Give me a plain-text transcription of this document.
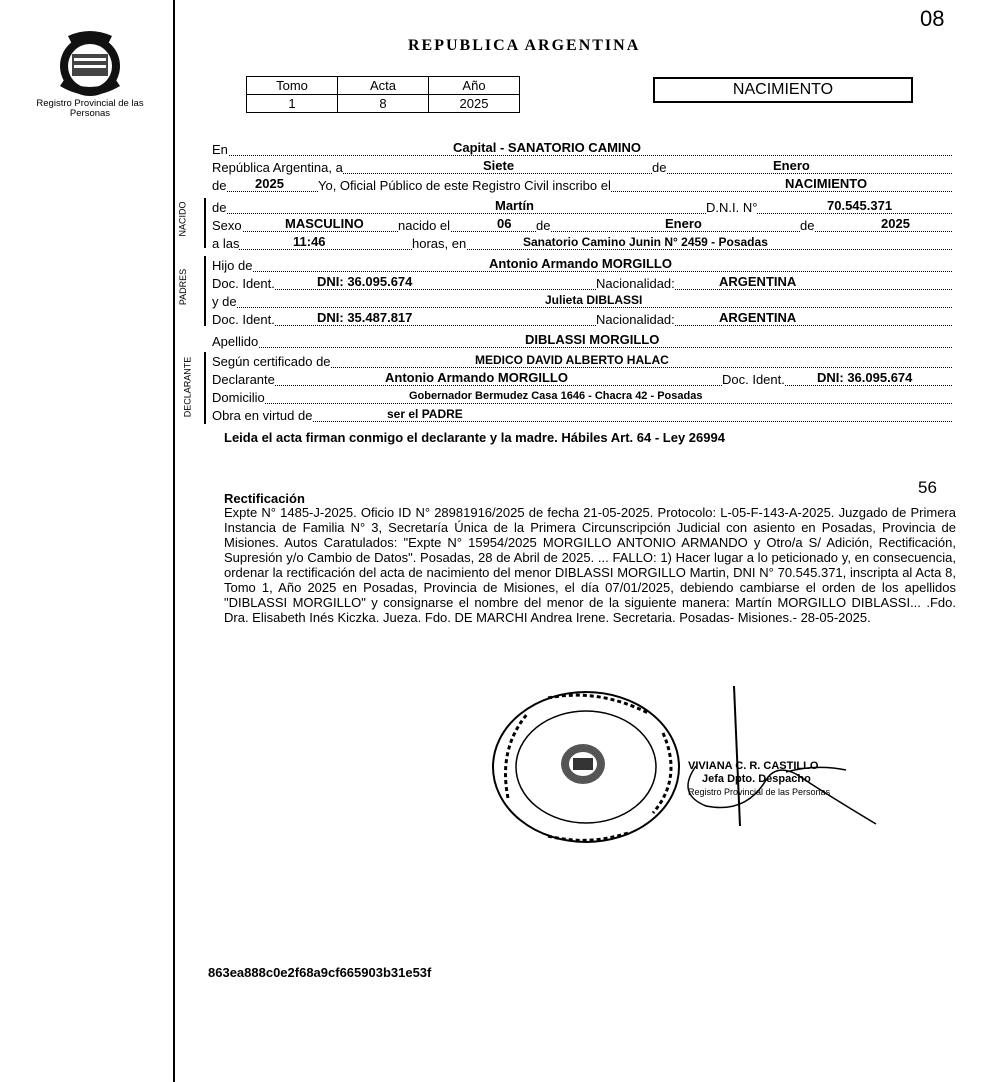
08
Registro Provincial de las Personas
REPUBLICA ARGENTINA
Tomo	Acta	Año
1	8	2025
NACIMIENTO
En	Capital - SANATORIO CAMINO
República Argentina, a	Siete	de	Enero
de 2025	Yo, Oficial Público de este Registro Civil inscribo el	NACIMIENTO
NACIDO de	Martín	D.N.I. N°	70.545.371
Sexo	MASCULINO	nacido el	06 de	Enero	de	2025
a las	11:46	horas, en	Sanatorio Camino Junin N° 2459 - Posadas
PADRES
Hijo de	Antonio Armando MORGILLO
Doc. Ident.	DNI: 36.095.674	Nacionalidad:	ARGENTINA
y de	Julieta DIBLASSI
Doc. Ident.	DNI: 35.487.817	Nacionalidad:	ARGENTINA
Apellido	DIBLASSI MORGILLO
DECLARANTE Según certificado de	MEDICO DAVID ALBERTO HALAC
Declarante	Antonio Armando MORGILLO	Doc. Ident. DNI: 36.095.674
Domicilio	Gobernador Bermudez Casa 1646 - Chacra 42 - Posadas
Obra en virtud de	ser el PADRE
Leida el acta firman conmigo el declarante y la madre. Hábiles Art. 64 - Ley 26994
56
Rectificación
Expte N° 1485-J-2025. Oficio ID N° 28981916/2025 de fecha 21-05-2025. Protocolo: L-05-F-143-A-2025. Juzgado de Primera Instancia de Familia N° 3, Secretaría Única de la Primera Circunscripción Judicial con asiento en Posadas, Provincia de Misiones. Autos Caratulados: "Expte N° 15954/2025 MORGILLO ANTONIO ARMANDO y Otro/a S/ Adición, Rectificación, Supresión y/o Cambio de Datos". Posadas, 28 de Abril de 2025. ... FALLO: 1) Hacer lugar a lo peticionado y, en consecuencia, ordenar la rectificación del acta de nacimiento del menor DIBLASSI MORGILLO Martin, DNI N° 70.545.371, inscripta al Acta 8, Tomo 1, Año 2025 en Posadas, Provincia de Misiones, el día 07/01/2025, debiendo cambiarse el orden de los apellidos "DIBLASSI MORGILLO" y consignarse el nombre del menor de la siguiente manera: Martín MORGILLO DIBLASSI... .Fdo. Dra. Elisabeth Inés Kiczka. Jueza. Fdo. DE MARCHI Andrea Irene. Secretaria. Posadas- Misiones.- 28-05-2025.
VIVIANA C. R. CASTILLO
Jefa Dpto. Despacho
Registro Provincial de las Personas
863ea888c0e2f68a9cf665903b31e53f
